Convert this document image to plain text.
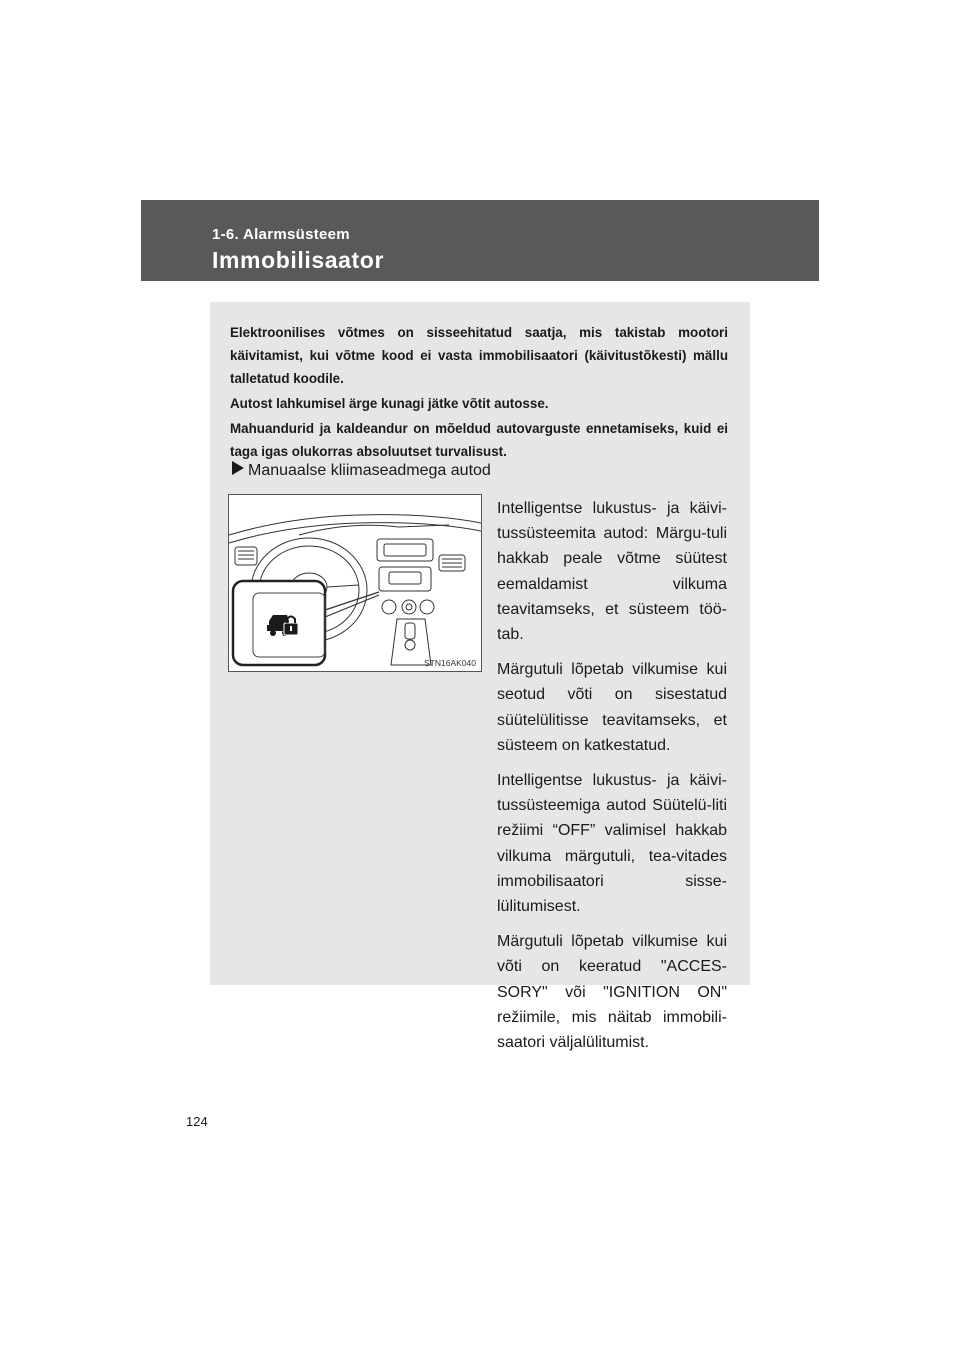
1-6. Alarmsüsteem
Immobilisaator

Elektroonilises võtmes on sisseehitatud saatja, mis takistab mootori käivitamist, kui võtme kood ei vasta immobilisaatori (käivitustõkesti) mällu talletatud koodile.

Autost lahkumisel ärge kunagi jätke võtit autosse.

Mahuandurid ja kaldeandur on mõeldud autovarguste ennetamiseks, kuid ei taga igas olukorras absoluutset turvalisust.

Manuaalse kliimaseadmega autod
STN16AK040

Intelligentse lukustus- ja käivi-tussüsteemita autod: Märgu-tuli hakkab peale võtme süütest eemaldamist vilkuma teavitamseks, et süsteem töö-tab.

Märgutuli lõpetab vilkumise kui seotud võti on sisestatud süütelülitisse teavitamseks, et süsteem on katkestatud.

Intelligentse lukustus- ja käivi-tussüsteemiga autod Süütelü-liti režiimi “OFF” valimisel hakkab vilkuma märgutuli, tea-vitades immobilisaatori sisse-lülitumisest.

Märgutuli lõpetab vilkumise kui võti on keeratud "ACCES-SORY" või "IGNITION ON" režiimile, mis näitab immobili-saatori väljalülitumist.

124
